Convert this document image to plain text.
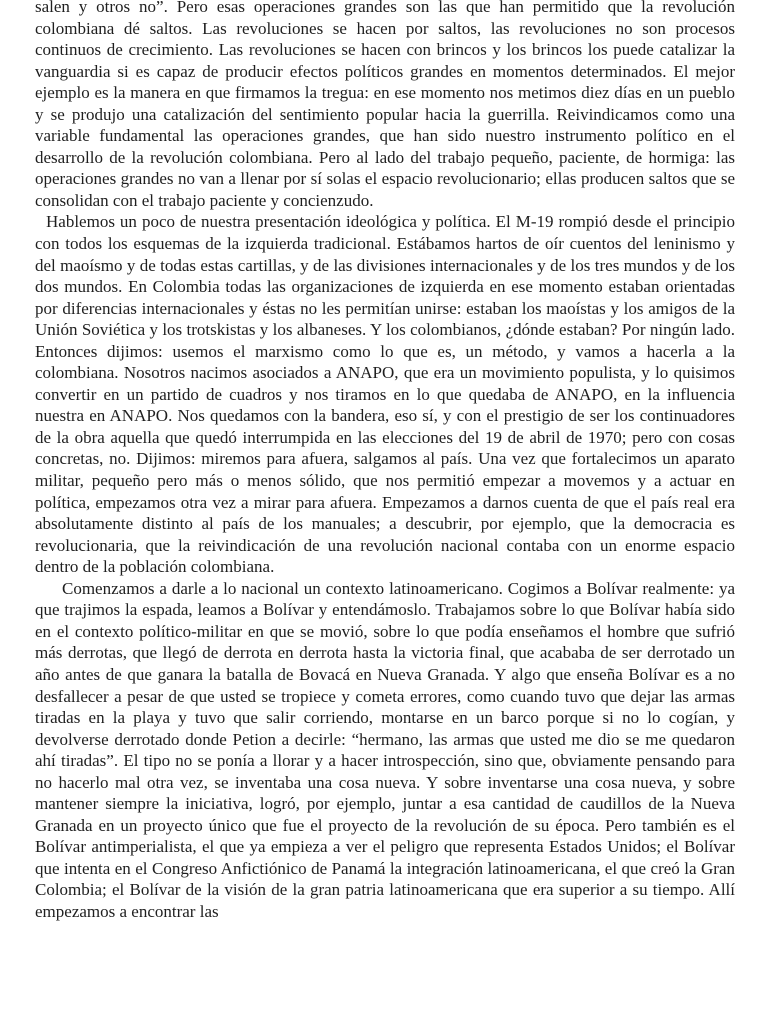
salen y otros no”. Pero esas operaciones grandes son las que han permitido que la revolución colombiana dé saltos. Las revoluciones se hacen por saltos, las revoluciones no son procesos continuos de crecimiento. Las revoluciones se hacen con brincos y los brincos los puede catalizar la vanguardia si es capaz de producir efectos políticos grandes en momentos determinados. El mejor ejemplo es la manera en que firmamos la tregua: en ese momento nos metimos diez días en un pueblo y se produjo una catalización del sentimiento popular hacia la guerrilla. Reivindicamos como una variable fundamental las operaciones grandes, que han sido nuestro instrumento político en el desarrollo de la revolución colombiana. Pero al lado del trabajo pequeño, paciente, de hormiga: las operaciones grandes no van a llenar por sí solas el espacio revolucionario; ellas producen saltos que se consolidan con el trabajo paciente y concienzudo.

Hablemos un poco de nuestra presentación ideológica y política. El M-19 rompió desde el principio con todos los esquemas de la izquierda tradicional. Estábamos hartos de oír cuentos del leninismo y del maoísmo y de todas estas cartillas, y de las divisiones internacionales y de los tres mundos y de los dos mundos. En Colombia todas las organizaciones de izquierda en ese momento estaban orientadas por diferencias internacionales y éstas no les permitían unirse: estaban los maoístas y los amigos de la Unión Soviética y los trotskistas y los albaneses. Y los colombianos, ¿dónde estaban? Por ningún lado. Entonces dijimos: usemos el marxismo como lo que es, un método, y vamos a hacerla a la colombiana. Nosotros nacimos asociados a ANAPO, que era un movimiento populista, y lo quisimos convertir en un partido de cuadros y nos tiramos en lo que quedaba de ANAPO, en la influencia nuestra en ANAPO. Nos quedamos con la bandera, eso sí, y con el prestigio de ser los continuadores de la obra aquella que quedó interrumpida en las elecciones del 19 de abril de 1970; pero con cosas concretas, no. Dijimos: miremos para afuera, salgamos al país. Una vez que fortalecimos un aparato militar, pequeño pero más o menos sólido, que nos permitió empezar a movemos y a actuar en política, empezamos otra vez a mirar para afuera. Empezamos a darnos cuenta de que el país real era absolutamente distinto al país de los manuales; a descubrir, por ejemplo, que la democracia es revolucionaria, que la reivindicación de una revolución nacional contaba con un enorme espacio dentro de la población colombiana.

Comenzamos a darle a lo nacional un contexto latinoamericano. Cogimos a Bolívar realmente: ya que trajimos la espada, leamos a Bolívar y entendámoslo. Trabajamos sobre lo que Bolívar había sido en el contexto político-militar en que se movió, sobre lo que podía enseñamos el hombre que sufrió más derrotas, que llegó de derrota en derrota hasta la victoria final, que acababa de ser derrotado un año antes de que ganara la batalla de Bovacá en Nueva Granada. Y algo que enseña Bolívar es a no desfallecer a pesar de que usted se tropiece y cometa errores, como cuando tuvo que dejar las armas tiradas en la playa y tuvo que salir corriendo, montarse en un barco porque si no lo cogían, y devolverse derrotado donde Petion a decirle: “hermano, las armas que usted me dio se me quedaron ahí tiradas”. El tipo no se ponía a llorar y a hacer introspección, sino que, obviamente pensando para no hacerlo mal otra vez, se inventaba una cosa nueva. Y sobre inventarse una cosa nueva, y sobre mantener siempre la iniciativa, logró, por ejemplo, juntar a esa cantidad de caudillos de la Nueva Granada en un proyecto único que fue el proyecto de la revolución de su época. Pero también es el Bolívar antimperialista, el que ya empieza a ver el peligro que representa Estados Unidos; el Bolívar que intenta en el Congreso Anfictiónico de Panamá la integración latinoamericana, el que creó la Gran Colombia; el Bolívar de la visión de la gran patria latinoamericana que era superior a su tiempo. Allí empezamos a encontrar las
